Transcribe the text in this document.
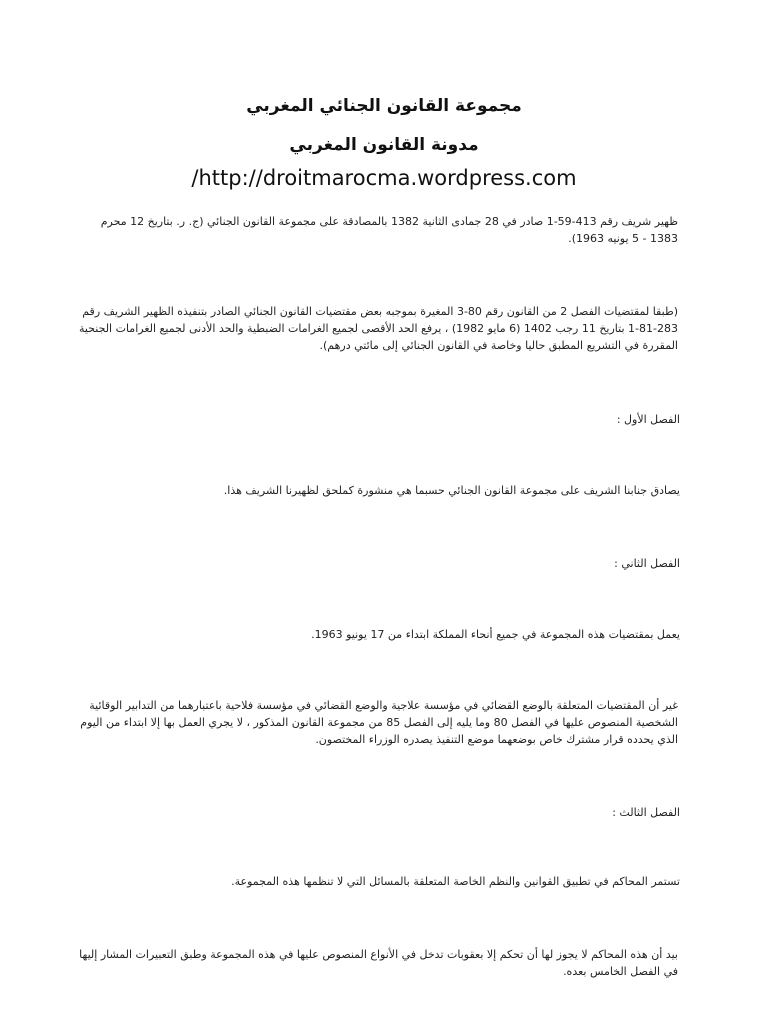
مجموعة القانون الجنائي المغربي
مدونة القانون المغربي
/http://droitmarocma.wordpress.com
ظهير شريف رقم 413-59-1 صادر في 28 جمادى الثانية 1382 بالمصادقة على مجموعة القانون الجنائي (ج. ر. بتاريخ 12 محرم 1383 - 5 يونيه 1963).
(طبقا لمقتضيات الفصل 2 من القانون رقم 80-3 المغيرة بموجبه بعض مقتضيات القانون الجنائي الصادر بتنفيذه الظهير الشريف رقم 283-81-1 بتاريخ 11 رجب 1402 (6 مايو 1982) ، يرفع الحد الأقصى لجميع الغرامات الضبطية والحد الأدنى لجميع الغرامات الجنحية المقررة في التشريع المطبق حاليا وخاصة في القانون الجنائي إلى مائتي درهم).
الفصل الأول :
يصادق جنابنا الشريف على مجموعة القانون الجنائي حسبما هي منشورة كملحق لظهيرنا الشريف هذا.
الفصل الثاني :
يعمل بمقتضيات هذه المجموعة في جميع أنحاء المملكة ابتداء من 17 يونيو 1963.
غير أن المقتضيات المتعلقة بالوضع القضائي في مؤسسة علاجية والوضع القضائي في مؤسسة فلاحية باعتبارهما من التدابير الوقائية الشخصية المنصوص عليها في الفصل 80 وما يليه إلى الفصل 85 من مجموعة القانون المذكور ، لا يجري العمل بها إلا ابتداء من اليوم الذي يحدده قرار مشترك خاص بوضعهما موضع التنفيذ يصدره الوزراء المختصون.
الفصل الثالث :
تستمر المحاكم في تطبيق القوانين والنظم الخاصة المتعلقة بالمسائل التي لا تنظمها هذه المجموعة.
بيد أن هذه المحاكم لا يجوز لها أن تحكم إلا بعقوبات تدخل في الأنواع المنصوص عليها في هذه المجموعة وطبق التعبيرات المشار إليها في الفصل الخامس بعده.
